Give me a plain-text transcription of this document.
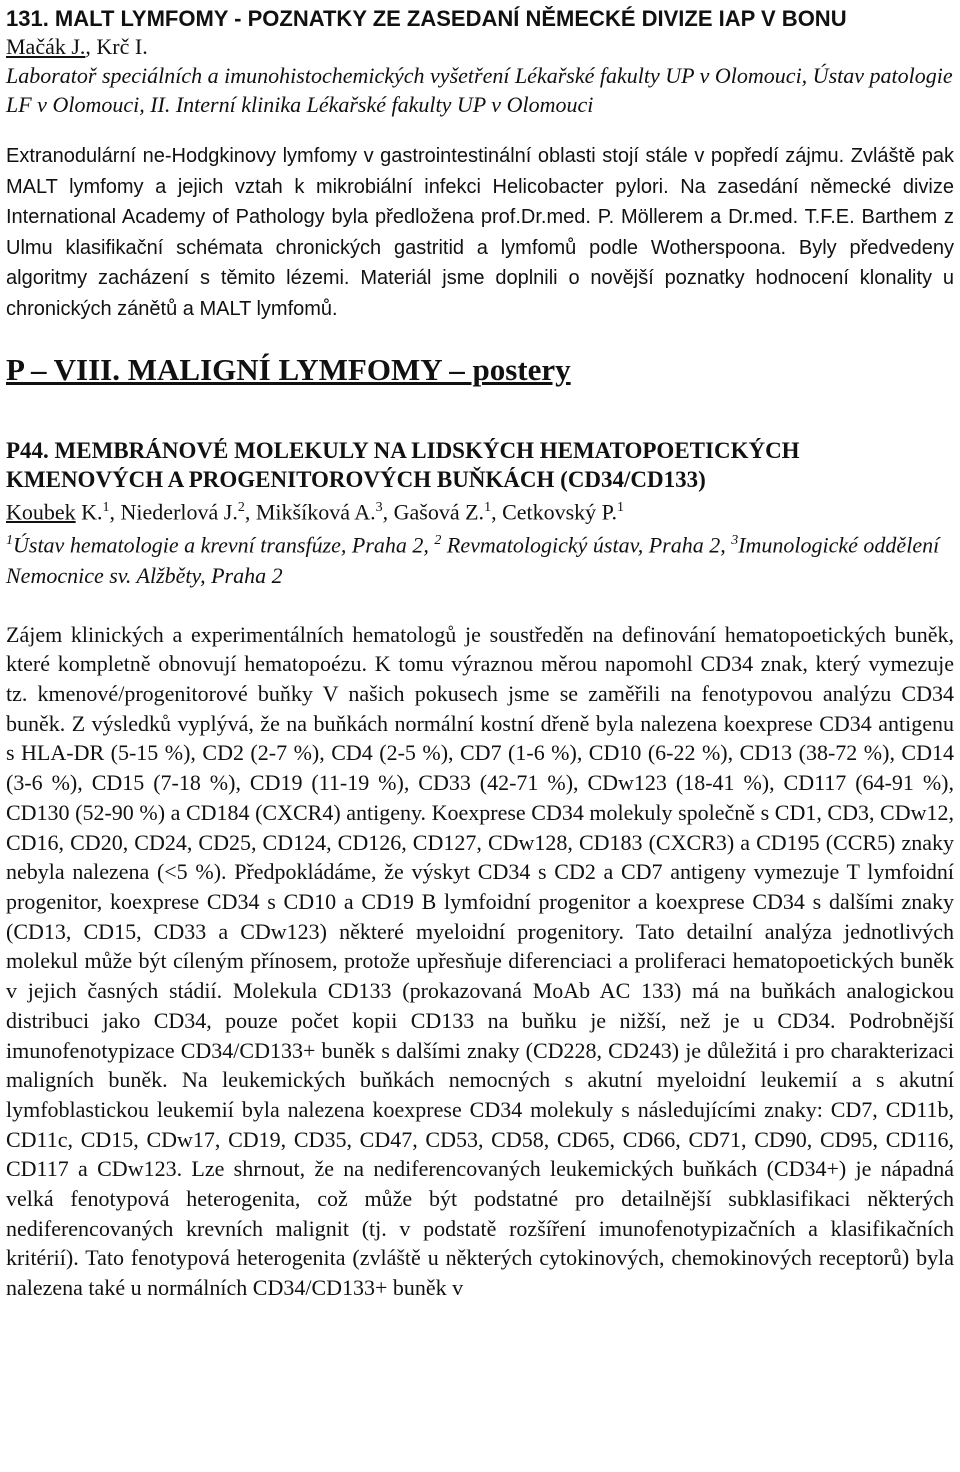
131. MALT LYMFOMY - POZNATKY ZE ZASEDANÍ NĚMECKÉ DIVIZE IAP V BONU

Mačák J., Krč I.

Laboratoř speciálních a imunohistochemických vyšetření Lékařské fakulty UP v Olomouci, Ústav patologie LF v Olomouci, II. Interní klinika Lékařské fakulty UP v Olomouci

Extranodulární ne-Hodgkinovy lymfomy v gastrointestinální oblasti stojí stále v popředí zájmu. Zvláště pak MALT lymfomy a jejich vztah k mikrobiální infekci Helicobacter pylori. Na zasedání německé divize International Academy of Pathology byla předložena prof.Dr.med. P. Möllerem a Dr.med. T.F.E. Barthem z Ulmu klasifikační schémata chronických gastritid a lymfomů podle Wotherspoona. Byly předvedeny algoritmy zacházení s těmito lézemi. Materiál jsme doplnili o novější poznatky hodnocení klonality u chronických zánětů a MALT lymfomů.

P – VIII. MALIGNÍ LYMFOMY – postery

P44. MEMBRÁNOVÉ MOLEKULY NA LIDSKÝCH HEMATOPOETICKÝCH KMENOVÝCH A PROGENITOROVÝCH BUŇKÁCH (CD34/CD133)

Koubek K.$^1$, Niederlová J.$^2$, Mikšíková A.$^3$, Gašová Z.$^1$, Cetkovský P.$^1$

$^1$Ústav hematologie a krevní transfúze, Praha 2, $^2$ Revmatologický ústav, Praha 2, $^3$Imunologické oddělení Nemocnice sv. Alžběty, Praha 2

Zájem klinických a experimentálních hematologů je soustředěn na definování hematopoetických buněk, které kompletně obnovují hematopoézu. K tomu výraznou měrou napomohl CD34 znak, který vymezuje tz. kmenové/progenitorové buňky V našich pokusech jsme se zaměřili na fenotypovou analýzu CD34 buněk. Z výsledků vyplývá, že na buňkách normální kostní dřeně byla nalezena koexprese CD34 antigenu s HLA-DR (5-15 %), CD2 (2-7 %), CD4 (2-5 %), CD7 (1-6 %), CD10 (6-22 %), CD13 (38-72 %), CD14 (3-6 %), CD15 (7-18 %), CD19 (11-19 %), CD33 (42-71 %), CDw123 (18-41 %), CD117 (64-91 %), CD130 (52-90 %) a CD184 (CXCR4) antigeny. Koexprese CD34 molekuly společně s CD1, CD3, CDw12, CD16, CD20, CD24, CD25, CD124, CD126, CD127, CDw128, CD183 (CXCR3) a CD195 (CCR5) znaky nebyla nalezena (<5 %). Předpokládáme, že výskyt CD34 s CD2 a CD7 antigeny vymezuje T lymfoidní progenitor, koexprese CD34 s CD10 a CD19 B lymfoidní progenitor a koexprese CD34 s dalšími znaky (CD13, CD15, CD33 a CDw123) některé myeloidní progenitory. Tato detailní analýza jednotlivých molekul může být cíleným přínosem, protože upřesňuje diferenciaci a proliferaci hematopoetických buněk v jejich časných stádií. Molekula CD133 (prokazovaná MoAb AC 133) má na buňkách analogickou distribuci jako CD34, pouze počet kopii CD133 na buňku je nižší, než je u CD34. Podrobnější imunofenotypizace CD34/CD133+ buněk s dalšími znaky (CD228, CD243) je důležitá i pro charakterizaci maligních buněk. Na leukemických buňkách nemocných s akutní myeloidní leukemií a s akutní lymfoblastickou leukemií byla nalezena koexprese CD34 molekuly s následujícími znaky: CD7, CD11b, CD11c, CD15, CDw17, CD19, CD35, CD47, CD53, CD58, CD65, CD66, CD71, CD90, CD95, CD116, CD117 a CDw123. Lze shrnout, že na nediferencovaných leukemických buňkách (CD34+) je nápadná velká fenotypová heterogenita, což může být podstatné pro detailnější subklasifikaci některých nediferencovaných krevních malignit (tj. v podstatě rozšíření imunofenotypizačních a klasifikačních kritérií). Tato fenotypová heterogenita (zvláště u některých cytokinových, chemokinových receptorů) byla nalezena také u normálních CD34/CD133+ buněk v
